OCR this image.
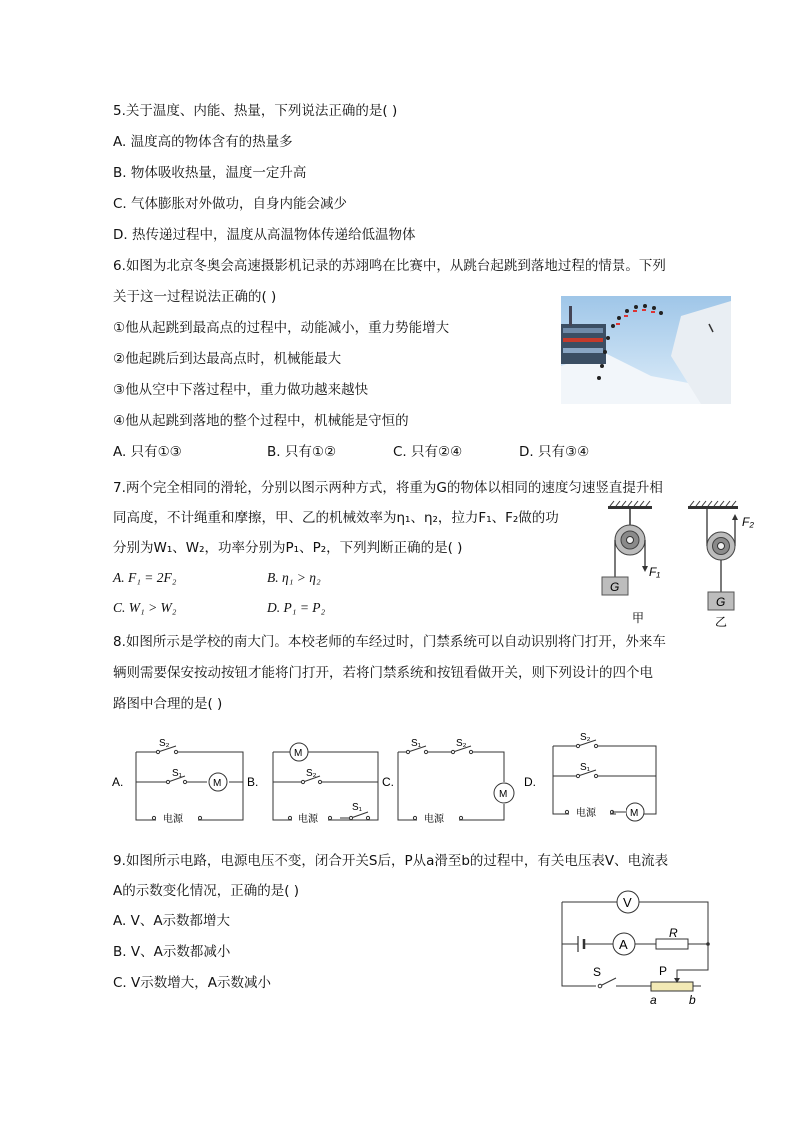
5.关于温度、内能、热量，下列说法正确的是( )
A. 温度高的物体含有的热量多
B. 物体吸收热量，温度一定升高
C. 气体膨胀对外做功，自身内能会减少
D. 热传递过程中，温度从高温物体传递给低温物体
6.如图为北京冬奥会高速摄影机记录的苏翊鸣在比赛中，从跳台起跳到落地过程的情景。下列
关于这一过程说法正确的( )
①他从起跳到最高点的过程中，动能减小，重力势能增大
②他起跳后到达最高点时，机械能最大
③他从空中下落过程中，重力做功越来越快
④他从起跳到落地的整个过程中，机械能是守恒的
A. 只有①③	B. 只有①②	C. 只有②④	D. 只有③④
7.两个完全相同的滑轮，分别以图示两种方式，将重为G的物体以相同的速度匀速竖直提升相
同高度，不计绳重和摩擦，甲、乙的机械效率为η₁、η₂，拉力F₁、F₂做的功
分别为W₁、W₂，功率分别为P₁、P₂，下列判断正确的是( )
A. F₁ = 2F₂	B. η₁ > η₂
C. W₁ > W₂	D. P₁ = P₂
G
F₁
甲
G
F₂
乙
8.如图所示是学校的南大门。本校老师的车经过时，门禁系统可以自动识别将门打开，外来车
辆则需要保安按动按钮才能将门打开，若将门禁系统和按钮看做开关，则下列设计的四个电
路图中合理的是( )
A.
S₂
S₁
M
电源
B.
M
S₂
电源
S₁
C.
S₁	S₂
M
电源
D.
S₂
S₁
电源	M
9.如图所示电路，电源电压不变，闭合开关S后，P从a滑至b的过程中，有关电压表V、电流表
A的示数变化情况，正确的是( )
A. V、A示数都增大
B. V、A示数都减小
C. V示数增大，A示数减小
V
A
R
S	P
a	b
